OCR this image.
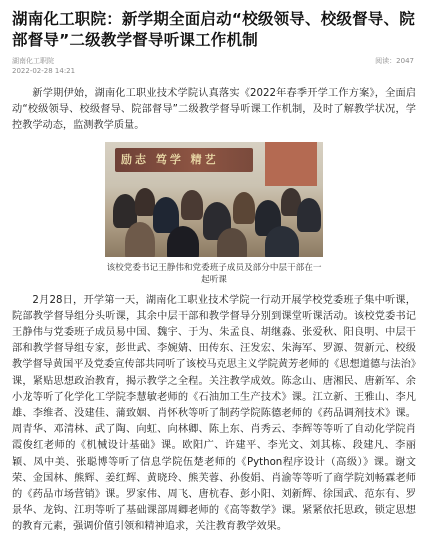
湖南化工职院：新学期全面启动“校级领导、校级督导、院部督导”二级教学督导听课工作机制
湖南化工职院
2022-02-28 14:21
阅读：2047

新学期伊始，湖南化工职业技术学院认真落实《2022年春季开学工作方案》，全面启动“校级领导、校级督导、院部督导”二级教学督导听课工作机制，及时了解教学状况，学控教学动态，监测教学质量。

励志 笃学 精艺
该校党委书记王静伟和党委班子成员及部分中层干部在一起听课

2月28日，开学第一天，湖南化工职业技术学院一行动开展学校党委班子集中听课，院部教学督导组分头听课，其余中层干部和教学督导分别到课堂听课活动。该校党委书记王静伟与党委班子成员易中国、魏宇、于为、朱孟良、胡继淼、张爱秋、阳良明、中层干部和教学督导组专家，彭世武、李婉婧、田传东、汪发宏、朱海军、罗源、贺新元、校级教学督导黄国平及党委宣传部共同听了该校马克思主义学院黄芳老师的《思想道德与法治》课，紧贴思想政治教育，揭示教学之全程。关注教学成效。陈念山、唐湘民、唐新军、余小龙等听了化学化工学院李慧敏老师的《石油加工生产技术》课。江立新、王雅山、李凡雄、李维者、没建佳、蒲致姻、肖怀秋等听了制药学院陈德老师的《药品调剂技术》课。周青华、邓清林、武了陶、向虹、向林卿、陈上东、肖秀云、李辉等等听了自动化学院肖霞俊红老师的《机械设计基础》课。欧阳广、许建平、李光文、刘其栋、段建凡、李丽颖、凤中美、张聪博等听了信息学院伍楚老师的《Python程序设计（高级）》课。谢文荣、金国林、熊辉、姜红辉、黄晓玲、熊芙蓉、孙俊娟、肖渝等等听了商学院刘畅霖老师的《药品市场营销》课。罗家伟、周飞、唐杭春、彭小阳、刘新辉、徐国武、范东有、罗景华、龙钩、江玥等听了基础课部周卿老师的《高等数学》课。紧紧依托思政，锁定思想的教育元素，强调价值引领和精神追求，关注教育教学效果。
